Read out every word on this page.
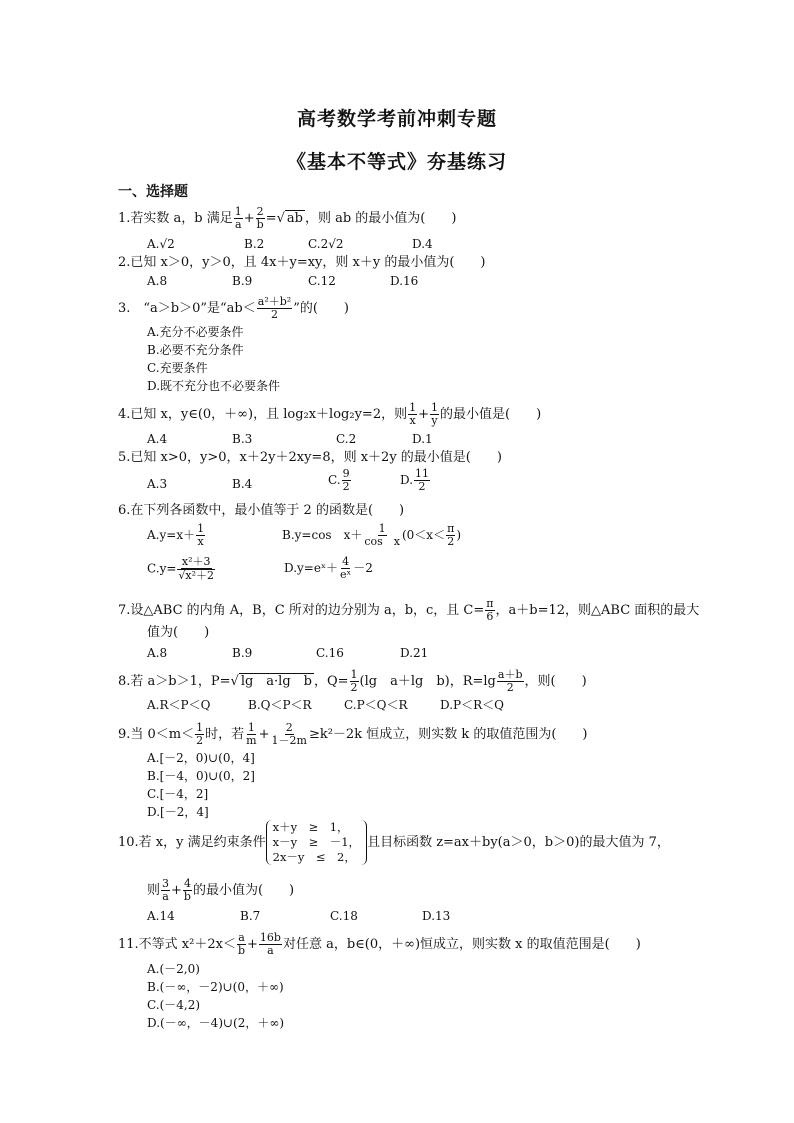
高考数学考前冲刺专题
《基本不等式》夯基练习
一、选择题
1.若实数 a，b 满足 $\frac{1}{a} + \frac{2}{b}$ =√ ab ，则 ab 的最小值为(　　)
A.√2	B.2	C.2√2	D.4
2.已知 x＞0，y＞0，且 4x＋y=xy，则 x＋y 的最小值为(　　)
A.8	B.9	C.12	D.16
3.　“a＞b＞0”是“$ab< \frac{\text{a²＋b²}}{2}$ ”的(　　)
A.充分不必要条件
B.必要不充分条件
C.充要条件
D.既不充分也不必要条件
4.已知 x，y∈(0，＋∞)，且 log₂x＋log₂y=2，则 $\frac{1}{x} + \frac{1}{y}$ 的最小值是(　　)
A.4	B.3	C.2	D.1
5.已知 x>0，y>0，x＋2y＋2xy=8，则 x＋2y 的最小值是(　　)
A.3	B.4	C. $\frac{9}{2}$	D. $\frac{11}{2}$
6.在下列各函数中，最小值等于 2 的函数是(　　)
$A.y=x+ \frac{1}{x}$	B.y=cos　$x+ \frac{1}{\text{cos　x}} (0<x< \frac{\pi}{2}$ )
$C.y= \frac{\text{x²＋3}}{\text{√x²＋2}}$	D.y=eˣ＋ $\frac{4}{\text{eˣ}} -2$
7.设△ABC 的内角 A，B，C 所对的边分别为 a，b，c，且 $C= \frac{\pi}{6}$ ，a＋b=12，则△ABC 面积的最大
值为(　　)
A.8	B.9	C.16	D.21
8.若 a＞b＞1，P=√ lg　a·lg　b ，$Q= \frac{1}{2} (\lg$　a＋lg　b)，$R=\lg \frac{a+b}{2}$ ，则(　　)
A.R＜P＜Q	B.Q＜P＜R	C.P＜Q＜R	D.P＜R＜Q
9.当 $0<m< \frac{1}{2}$ 时，若 $\frac{1}{m} + \frac{2}{1-2m} \ge k^2-2k$ 恒成立，则实数 k 的取值范围为(　　)
A.[－2，0)∪(0，4]
B.[－4，0)∪(0，2]
C.[－4，2]
D.[－2，4]
10.若 x，y 满足约束条件
x＋y　≥　1，
x－y　≥　－1，
2x－y　≤　2，
且目标函数 z=ax＋by(a＞0，b＞0)的最大值为 7，
则 $\frac{3}{a} + \frac{4}{b}$ 的最小值为(　　)
A.14	B.7	C.18	D.13
11.不等式 $x^2+2x< \frac{a}{b} + \frac{16b}{a}$ 对任意 a，b∈(0，＋∞)恒成立，则实数 x 的取值范围是(　　)
A.(－2,0)
B.(－∞，－2)∪(0，＋∞)
C.(－4,2)
D.(－∞，－4)∪(2，＋∞)
